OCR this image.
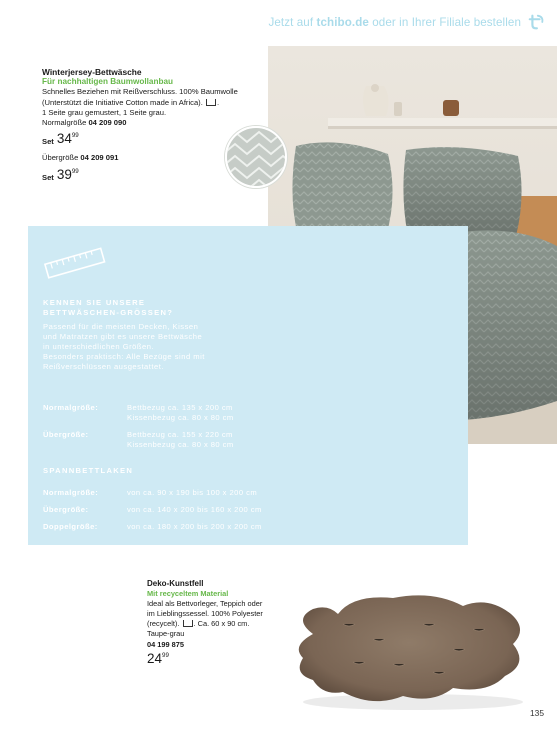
Jetzt auf tchibo.de oder in Ihrer Filiale bestellen
Winterjersey-Bettwäsche
Für nachhaltigen Baumwollanbau
Schnelles Beziehen mit Reißverschluss. 100% Baumwolle
(Unterstützt die Initiative Cotton made in Africa). .
1 Seite grau gemustert, 1 Seite grau.
Normalgröße 04 209 090
Set 34 99
Übergröße 04 209 091
Set 39 99
KENNEN SIE UNSERE
BETTWÄSCHEN-GRÖSSEN?
Passend für die meisten Decken, Kissen
und Matratzen gibt es unsere Bettwäsche
in unterschiedlichen Größen.
Besonders praktisch: Alle Bezüge sind mit
Reißverschlüssen ausgestattet.
Normalgröße:	Bettbezug ca. 135 x 200 cm
Kissenbezug ca. 80 x 80 cm
Übergröße:	Bettbezug ca. 155 x 220 cm
Kissenbezug ca. 80 x 80 cm
SPANNBETTLAKEN
Normalgröße:	von ca. 90 x 190 bis 100 x 200 cm
Übergröße:	von ca. 140 x 200 bis 160 x 200 cm
Doppelgröße:	von ca. 180 x 200 bis 200 x 200 cm
Deko-Kunstfell
Mit recyceltem Material
Ideal als Bettvorleger, Teppich oder
im Lieblingssessel. 100% Polyester
(recycelt). . Ca. 60 x 90 cm.
Taupe-grau
04 199 875
24 99
135
